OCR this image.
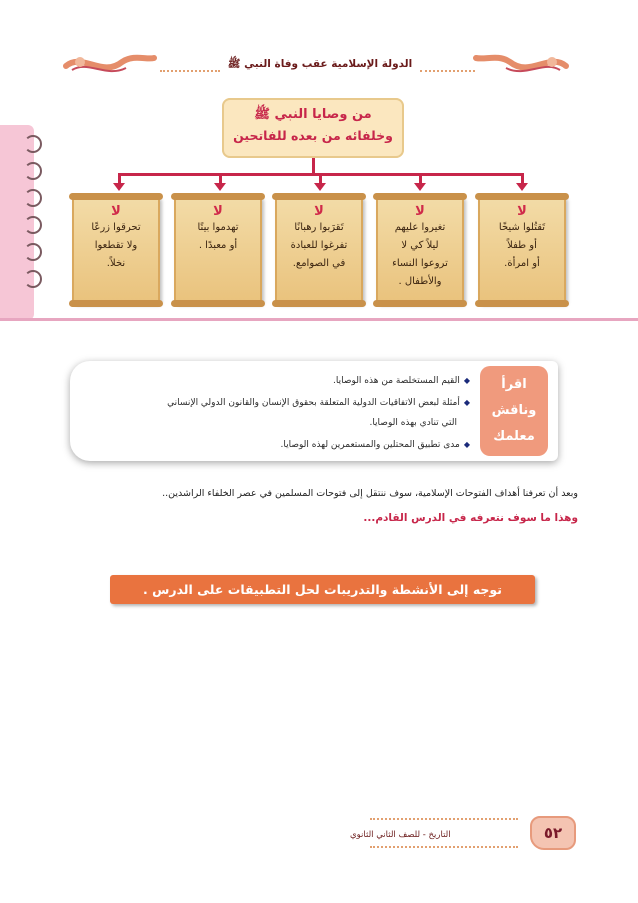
الدولة الإسلامية عقب وفاة النبي ﷺ
من وصايا النبي ﷺ
وخلفائه من بعده للفاتحين
لا
تَقتُلوا شيخًا
أو طفلاً
أو امرأة.
لا
تغيروا عليهم
ليلاً كي لا
تروعوا النساء
والأطفال .
لا
تَقرَبوا رهبانًا
تفرغوا للعبادة
في الصوامع.
لا
تهدموا بيتًا
أو معبدًا .
لا
تحرقوا زرعًا
ولا تقطعوا
نخلاً.
اقرأ
وناقش
معلمك
◆القيم المستخلصة من هذه الوصايا.
◆أمثلة لبعض الاتفاقيات الدولية المتعلقة بحقوق الإنسان والقانون الدولي الإنساني
التي تنادي بهذه الوصايا.
◆مدى تطبيق المحتلين والمستعمرين لهذه الوصايا.
وبعد أن تعرفنا أهداف الفتوحات الإسلامية، سوف ننتقل إلى فتوحات المسلمين في عصر الخلفاء الراشدين..
وهذا ما سوف نتعرفه في الدرس القادم...
توجه إلى الأنشطة والتدريبات لحل التطبيقات على الدرس .
التاريخ - للصف الثاني الثانوي	٥٢
